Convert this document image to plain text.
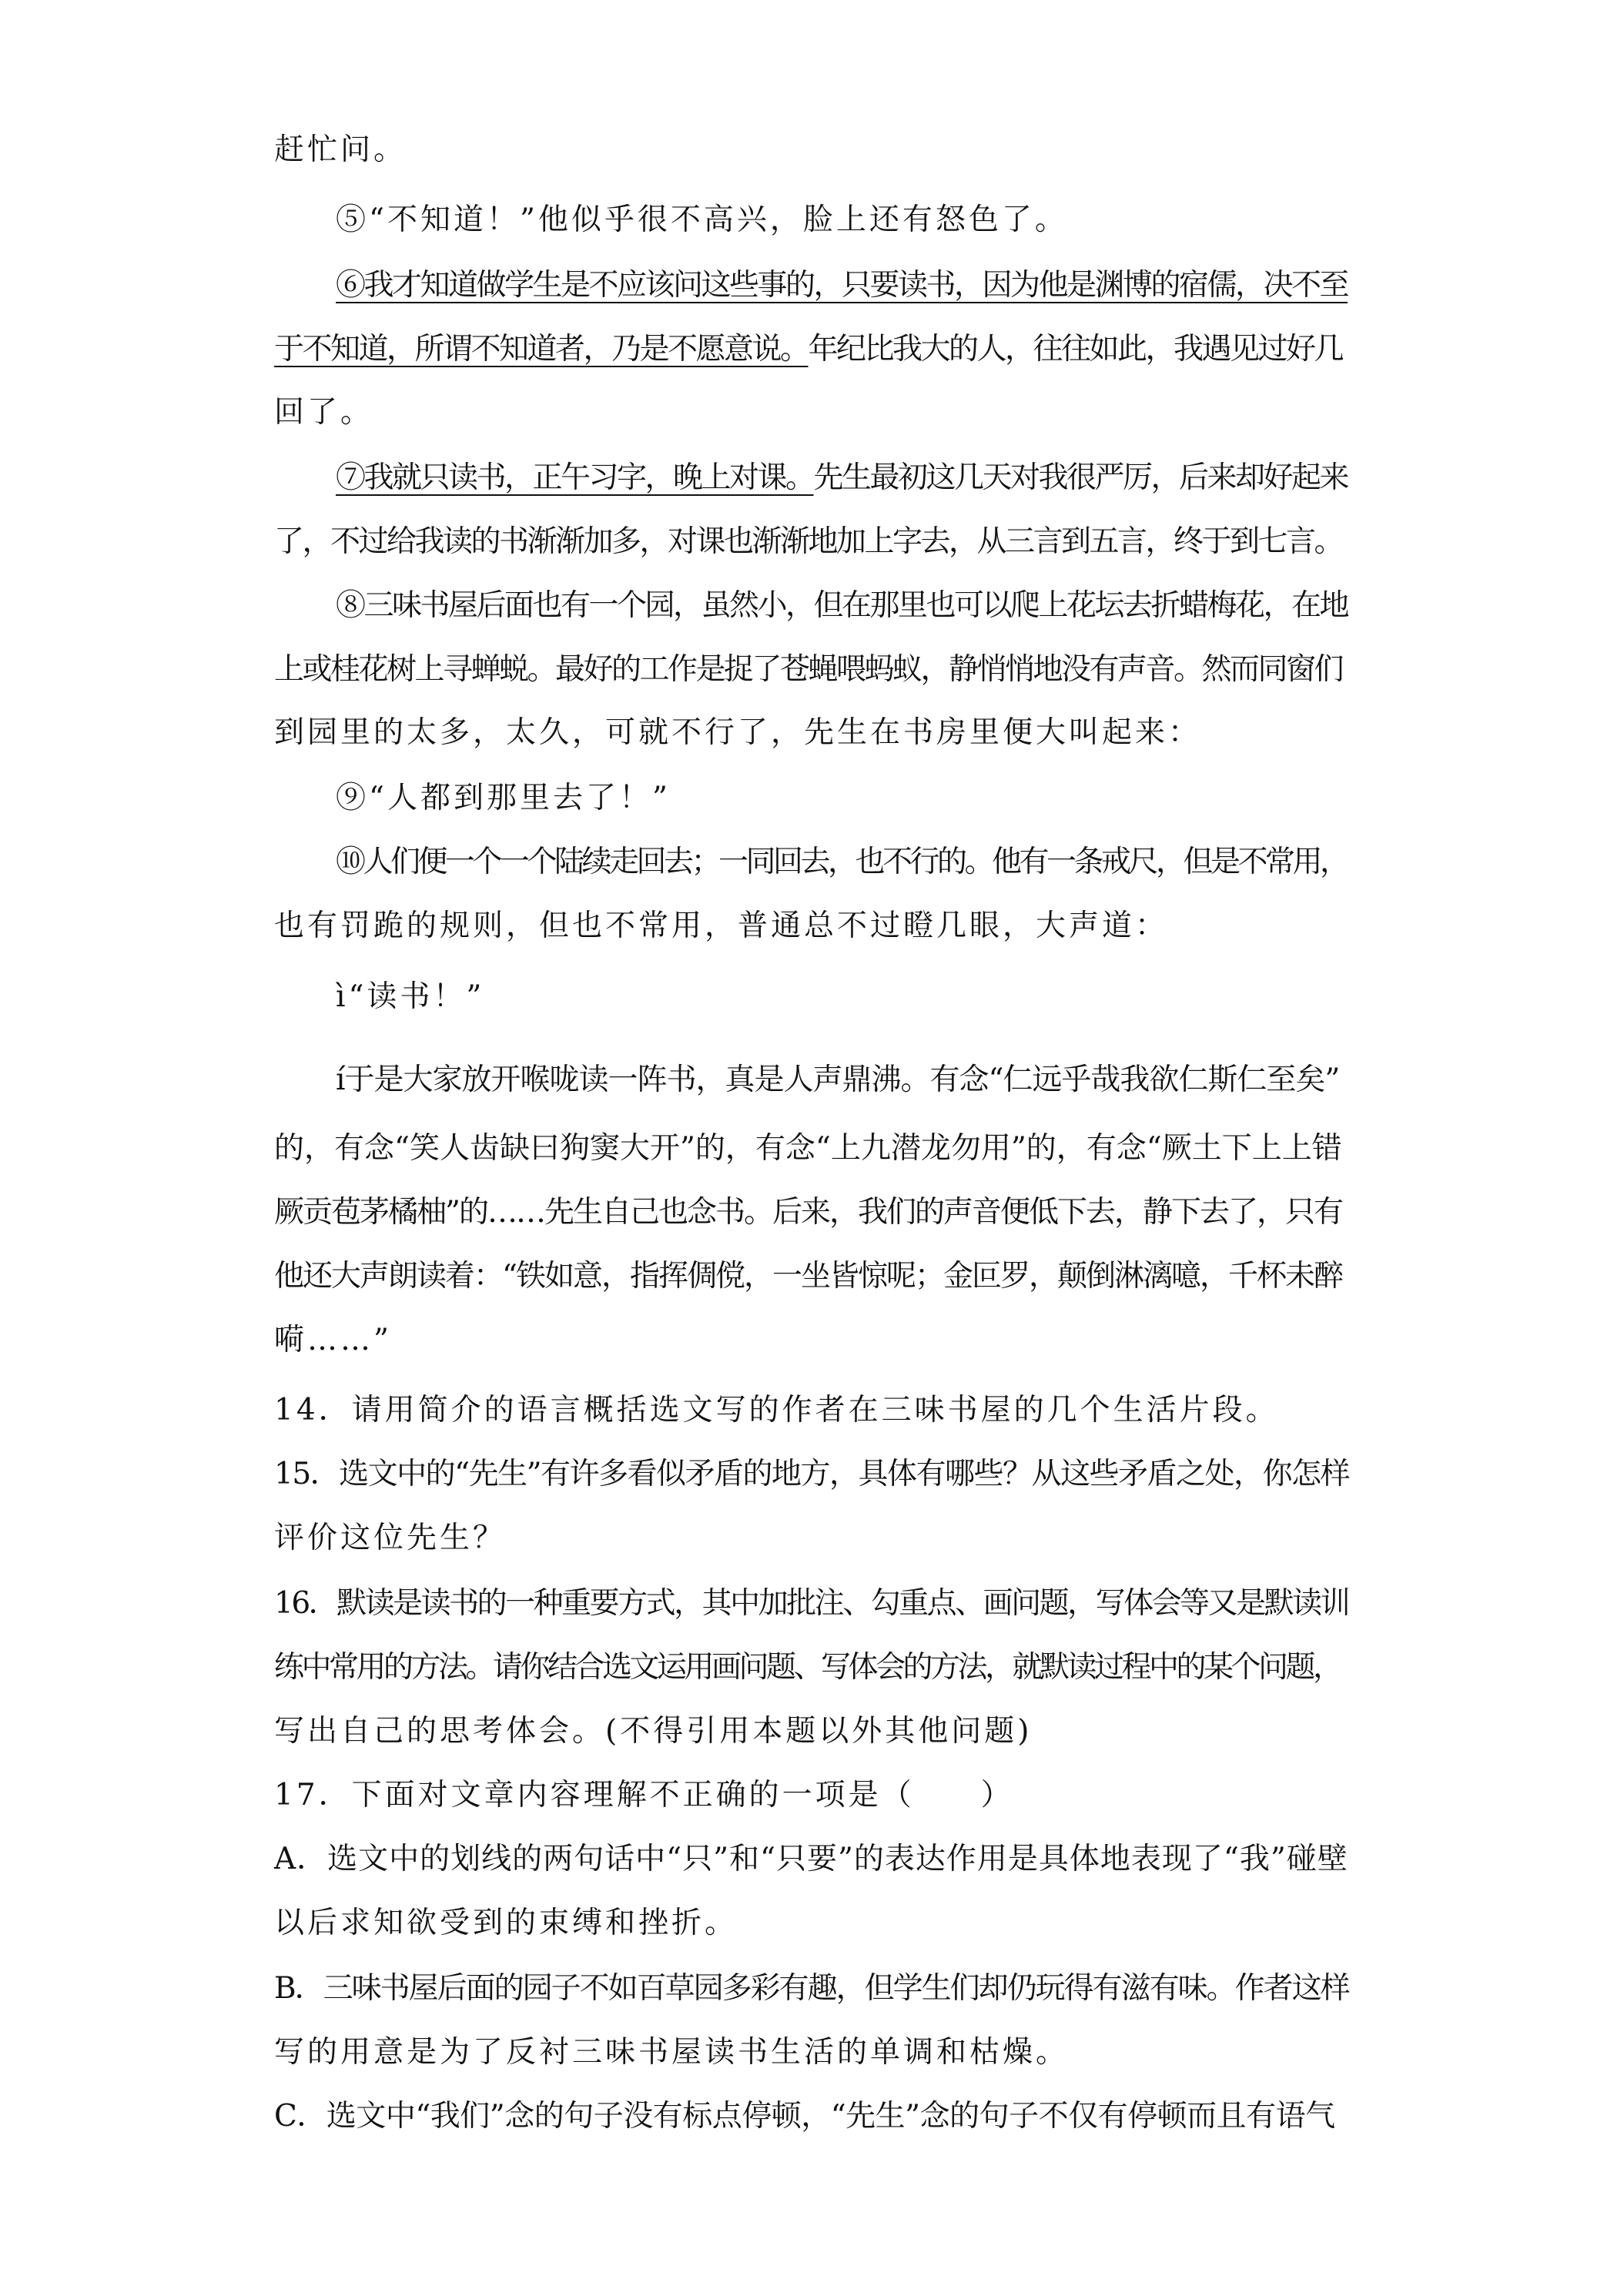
赶忙问。
⑤“不知道！”他似乎很不高兴，脸上还有怒色了。
⑥我才知道做学生是不应该问这些事的，只要读书，因为他是渊博的宿儒，决不至
于不知道，所谓不知道者，乃是不愿意说。年纪比我大的人，往往如此，我遇见过好几
回了。
⑦我就只读书，正午习字，晚上对课。先生最初这几天对我很严厉，后来却好起来
了，不过给我读的书渐渐加多，对课也渐渐地加上字去，从三言到五言，终于到七言。
⑧三味书屋后面也有一个园，虽然小，但在那里也可以爬上花坛去折蜡梅花，在地
上或桂花树上寻蝉蜕。最好的工作是捉了苍蝇喂蚂蚁，静悄悄地没有声音。然而同窗们
到园里的太多，太久，可就不行了，先生在书房里便大叫起来：
⑨“人都到那里去了！”
⑩人们便一个一个陆续走回去；一同回去，也不行的。他有一条戒尺，但是不常用，
也有罚跪的规则，但也不常用，普通总不过瞪几眼，大声道：
ì“读书！”
í于是大家放开喉咙读一阵书，真是人声鼎沸。有念“仁远乎哉我欲仁斯仁至矣”
的，有念“笑人齿缺曰狗窦大开”的，有念“上九潜龙勿用”的，有念“厥土下上上错
厥贡苞茅橘柚”的……先生自己也念书。后来，我们的声音便低下去，静下去了，只有
他还大声朗读着：“铁如意，指挥倜傥，一坐皆惊呢；金叵罗，颠倒淋漓噫，千杯未醉
嗬……”
14．请用简介的语言概括选文写的作者在三味书屋的几个生活片段。
15．选文中的“先生”有许多看似矛盾的地方，具体有哪些？从这些矛盾之处，你怎样
评价这位先生？
16．默读是读书的一种重要方式，其中加批注、勾重点、画问题，写体会等又是默读训
练中常用的方法。请你结合选文运用画问题、写体会的方法，就默读过程中的某个问题，
写出自己的思考体会。(不得引用本题以外其他问题)
17．下面对文章内容理解不正确的一项是（　　）
A．选文中的划线的两句话中“只”和“只要”的表达作用是具体地表现了“我”碰壁
以后求知欲受到的束缚和挫折。
B．三味书屋后面的园子不如百草园多彩有趣，但学生们却仍玩得有滋有味。作者这样
写的用意是为了反衬三味书屋读书生活的单调和枯燥。
C．选文中“我们”念的句子没有标点停顿，“先生”念的句子不仅有停顿而且有语气
